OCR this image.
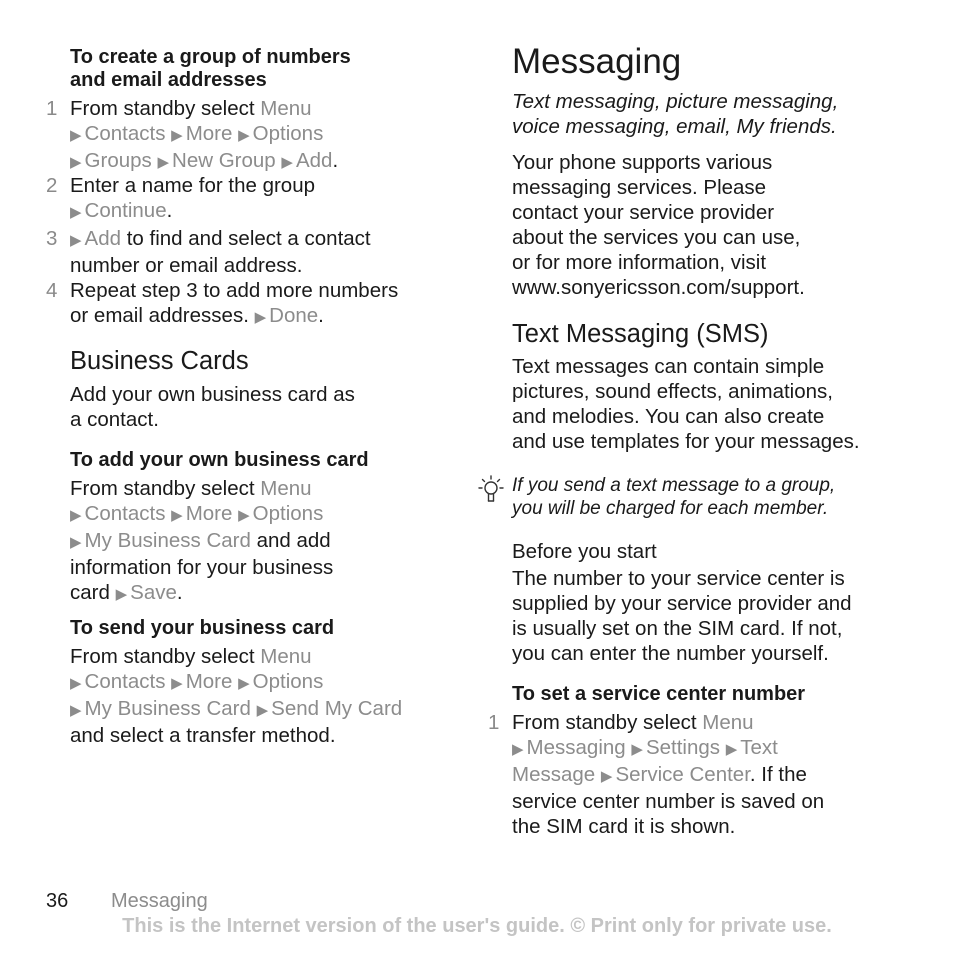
To create a group of numbers
and email addresses
1 From standby select Menu
▶ Contacts ▶ More ▶ Options
▶ Groups ▶ New Group ▶ Add.
2 Enter a name for the group
▶ Continue.
3 ▶ Add to find and select a contact
number or email address.
4 Repeat step 3 to add more numbers
or email addresses. ▶ Done.
Business Cards
Add your own business card as
a contact.
To add your own business card
From standby select Menu
▶ Contacts ▶ More ▶ Options
▶ My Business Card and add
information for your business
card ▶ Save.
To send your business card
From standby select Menu
▶ Contacts ▶ More ▶ Options
▶ My Business Card ▶ Send My Card
and select a transfer method.
Messaging
Text messaging, picture messaging,
voice messaging, email, My friends.
Your phone supports various
messaging services. Please
contact your service provider
about the services you can use,
or for more information, visit
www.sonyericsson.com/support.
Text Messaging (SMS)
Text messages can contain simple
pictures, sound effects, animations,
and melodies. You can also create
and use templates for your messages.
If you send a text message to a group,
you will be charged for each member.
Before you start
The number to your service center is
supplied by your service provider and
is usually set on the SIM card. If not,
you can enter the number yourself.
To set a service center number
1 From standby select Menu
▶ Messaging ▶ Settings ▶ Text
Message ▶ Service Center. If the
service center number is saved on
the SIM card it is shown.
36 Messaging
This is the Internet version of the user's guide. © Print only for private use.
